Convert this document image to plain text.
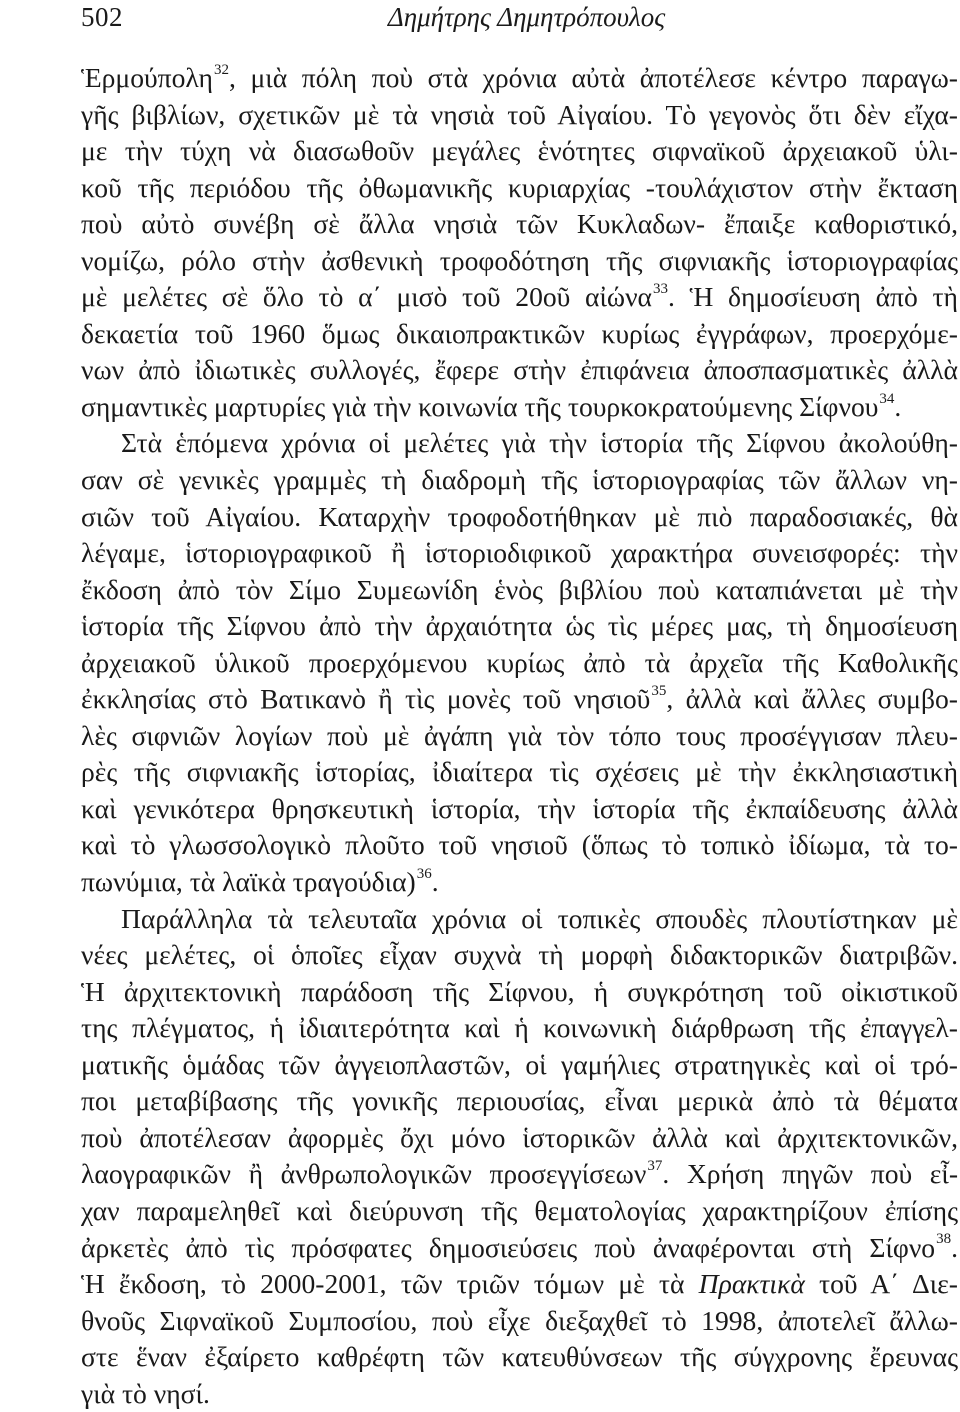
502	Δημήτρης Δημητρόπουλος
Ἑρμούπολη$^{32}$, μιὰ πόλη ποὺ στὰ χρόνια αὐτὰ ἀποτέλεσε κέντρο παραγω-
γῆς βιβλίων, σχετικῶν μὲ τὰ νησιὰ τοῦ Αἰγαίου. Τὸ γεγονὸς ὅτι δὲν εἴχα-
με τὴν τύχη νὰ διασωθοῦν μεγάλες ἑνότητες σιφναϊκοῦ ἀρχειακοῦ ὑλι-
κοῦ τῆς περιόδου τῆς ὀθωμανικῆς κυριαρχίας -τουλάχιστον στὴν ἔκταση
ποὺ αὐτὸ συνέβη σὲ ἄλλα νησιὰ τῶν Κυκλαδων- ἔπαιξε καθοριστικό,
νομίζω, ρόλο στὴν ἀσθενικὴ τροφοδότηση τῆς σιφνιακῆς ἱστοριογραφίας
μὲ μελέτες σὲ ὅλο τὸ α΄ μισὸ τοῦ 20οῦ αἰώνα$^{33}$. Ἡ δημοσίευση ἀπὸ τὴ
δεκαετία τοῦ 1960 ὅμως δικαιοπρακτικῶν κυρίως ἐγγράφων, προερχόμε-
νων ἀπὸ ἰδιωτικὲς συλλογές, ἔφερε στὴν ἐπιφάνεια ἀποσπασματικὲς ἀλλὰ
σημαντικὲς μαρτυρίες γιὰ τὴν κοινωνία τῆς τουρκοκρατούμενης Σίφνου$^{34}$.
Στὰ ἑπόμενα χρόνια οἱ μελέτες γιὰ τὴν ἱστορία τῆς Σίφνου ἀκολούθη-
σαν σὲ γενικὲς γραμμὲς τὴ διαδρομὴ τῆς ἱστοριογραφίας τῶν ἄλλων νη-
σιῶν τοῦ Αἰγαίου. Καταρχὴν τροφοδοτήθηκαν μὲ πιὸ παραδοσιακές, θὰ
λέγαμε, ἱστοριογραφικοῦ ἢ ἱστοριοδιφικοῦ χαρακτήρα συνεισφορές: τὴν
ἔκδοση ἀπὸ τὸν Σίμο Συμεωνίδη ἑνὸς βιβλίου ποὺ καταπιάνεται μὲ τὴν
ἱστορία τῆς Σίφνου ἀπὸ τὴν ἀρχαιότητα ὡς τὶς μέρες μας, τὴ δημοσίευση
ἀρχειακοῦ ὑλικοῦ προερχόμενου κυρίως ἀπὸ τὰ ἀρχεῖα τῆς Καθολικῆς
ἐκκλησίας στὸ Βατικανὸ ἢ τὶς μονὲς τοῦ νησιοῦ$^{35}$, ἀλλὰ καὶ ἄλλες συμβο-
λὲς σιφνιῶν λογίων ποὺ μὲ ἀγάπη γιὰ τὸν τόπο τους προσέγγισαν πλευ-
ρὲς τῆς σιφνιακῆς ἱστορίας, ἰδιαίτερα τὶς σχέσεις μὲ τὴν ἐκκλησιαστικὴ
καὶ γενικότερα θρησκευτικὴ ἱστορία, τὴν ἱστορία τῆς ἐκπαίδευσης ἀλλὰ
καὶ τὸ γλωσσολογικὸ πλοῦτο τοῦ νησιοῦ (ὅπως τὸ τοπικὸ ἰδίωμα, τὰ το-
πωνύμια, τὰ λαϊκὰ τραγούδια)$^{36}$.
Παράλληλα τὰ τελευταῖα χρόνια οἱ τοπικὲς σπουδὲς πλουτίστηκαν μὲ
νέες μελέτες, οἱ ὁποῖες εἶχαν συχνὰ τὴ μορφὴ διδακτορικῶν διατριβῶν.
Ἡ ἀρχιτεκτονικὴ παράδοση τῆς Σίφνου, ἡ συγκρότηση τοῦ οἰκιστικοῦ
της πλέγματος, ἡ ἰδιαιτερότητα καὶ ἡ κοινωνικὴ διάρθρωση τῆς ἐπαγγελ-
ματικῆς ὁμάδας τῶν ἀγγειοπλαστῶν, οἱ γαμήλιες στρατηγικὲς καὶ οἱ τρό-
ποι μεταβίβασης τῆς γονικῆς περιουσίας, εἶναι μερικὰ ἀπὸ τὰ θέματα
ποὺ ἀποτέλεσαν ἀφορμὲς ὄχι μόνο ἱστορικῶν ἀλλὰ καὶ ἀρχιτεκτονικῶν,
λαογραφικῶν ἢ ἀνθρωπολογικῶν προσεγγίσεων$^{37}$. Χρήση πηγῶν ποὺ εἶ-
χαν παραμεληθεῖ καὶ διεύρυνση τῆς θεματολογίας χαρακτηρίζουν ἐπίσης
ἀρκετὲς ἀπὸ τὶς πρόσφατες δημοσιεύσεις ποὺ ἀναφέρονται στὴ Σίφνο$^{38}$.
Ἡ ἔκδοση, τὸ 2000-2001, τῶν τριῶν τόμων μὲ τὰ Πρακτικὰ τοῦ Α΄ Διε-
θνοῦς Σιφναϊκοῦ Συμποσίου, ποὺ εἶχε διεξαχθεῖ τὸ 1998, ἀποτελεῖ ἄλλω-
στε ἕναν ἐξαίρετο καθρέφτη τῶν κατευθύνσεων τῆς σύγχρονης ἔρευνας
γιὰ τὸ νησί.
